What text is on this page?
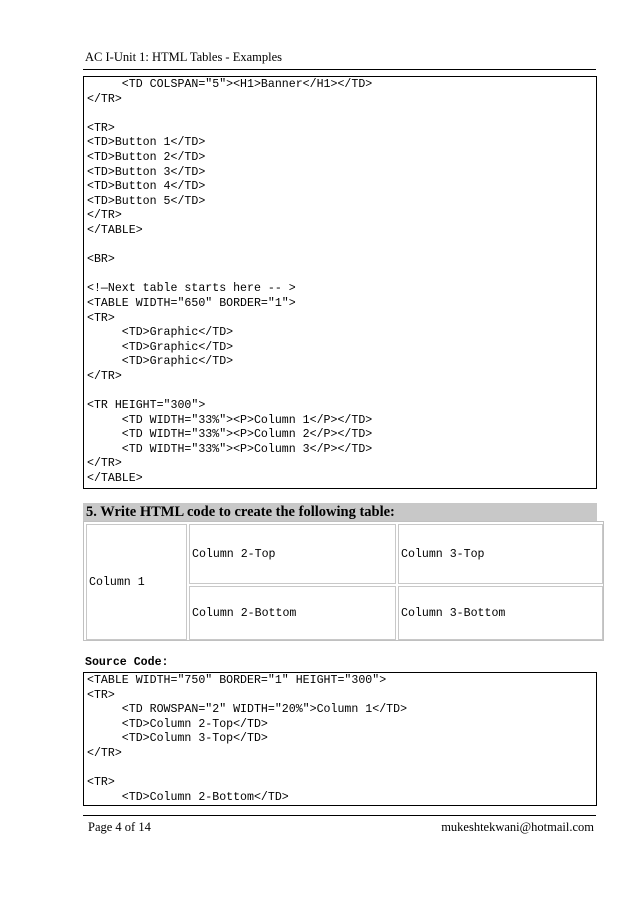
AC I-Unit 1: HTML Tables - Examples
<TD COLSPAN="5"><H1>Banner</H1></TD>
</TR>
<TR>
<TD>Button 1</TD>
<TD>Button 2</TD>
<TD>Button 3</TD>
<TD>Button 4</TD>
<TD>Button 5</TD>
</TR>
</TABLE>
<BR>
<!—Next table starts here -- >
<TABLE WIDTH="650" BORDER="1">
<TR>
<TD>Graphic</TD>
<TD>Graphic</TD>
<TD>Graphic</TD>
</TR>
<TR HEIGHT="300">
<TD WIDTH="33%"><P>Column 1</P></TD>
<TD WIDTH="33%"><P>Column 2</P></TD>
<TD WIDTH="33%"><P>Column 3</P></TD>
</TR>
</TABLE>
5. Write HTML code to create the following table:
Column 1
Column 2-Top	Column 3-Top
Column 2-Bottom	Column 3-Bottom
Source Code:
<TABLE WIDTH="750" BORDER="1" HEIGHT="300">
<TR>
<TD ROWSPAN="2" WIDTH="20%">Column 1</TD>
<TD>Column 2-Top</TD>
<TD>Column 3-Top</TD>
</TR>
<TR>
<TD>Column 2-Bottom</TD>
Page 4 of 14	mukeshtekwani@hotmail.com
